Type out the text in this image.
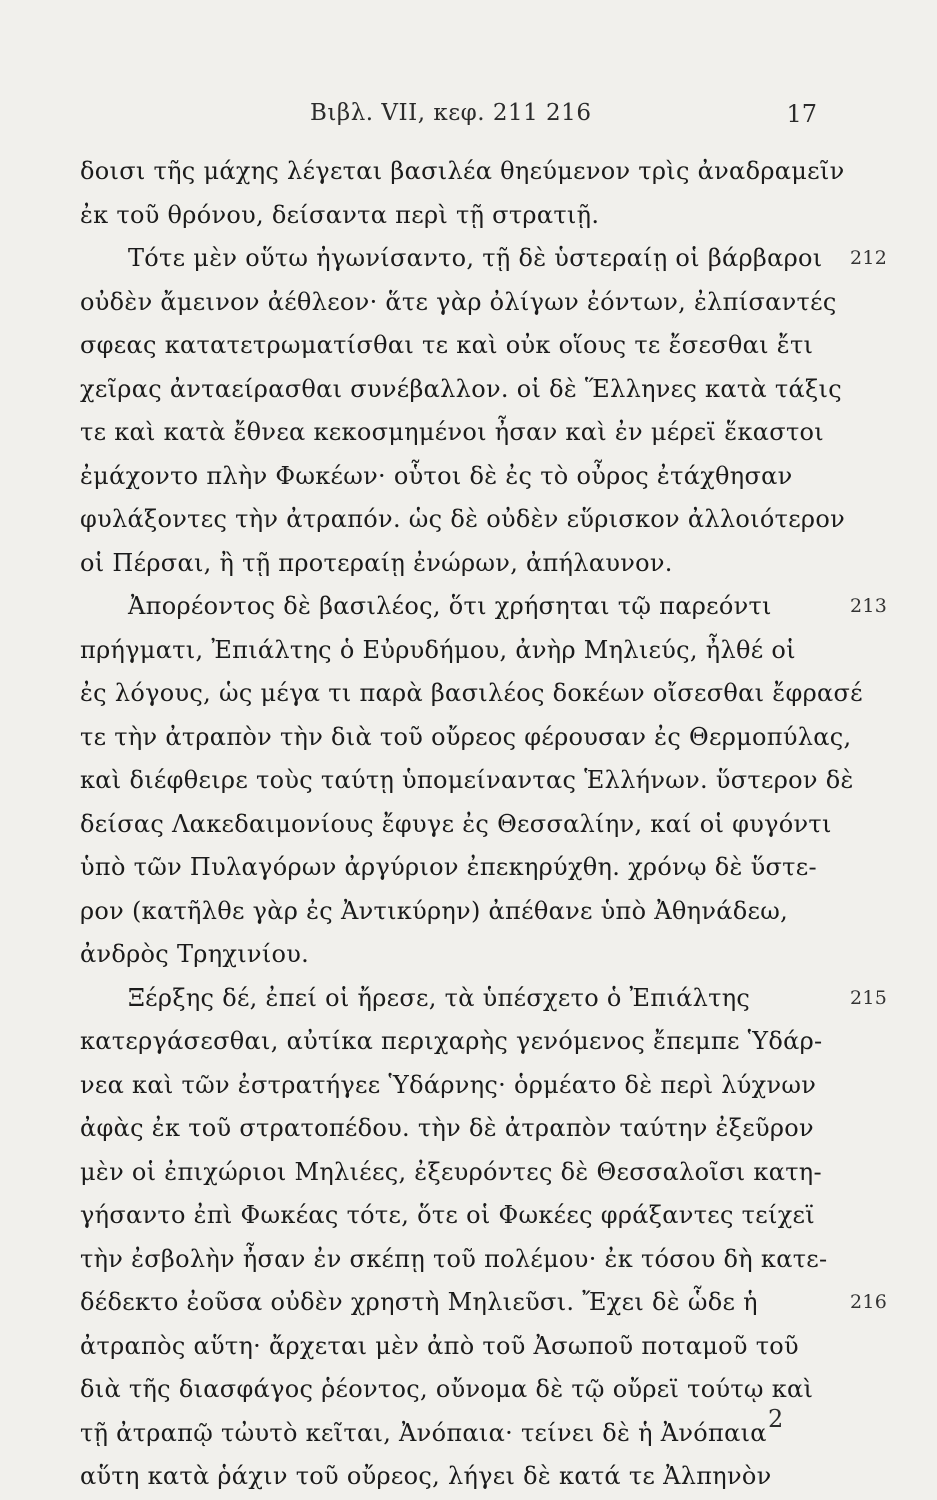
Βιβλ. VII, κεφ. 211 216	17
δοισι τῆς μάχης λέγεται βασιλέα θηεύμενον τρὶς ἀναδραμεῖν
ἐκ τοῦ θρόνου, δείσαντα περὶ τῇ στρατιῇ.
Τότε μὲν οὕτω ἠγωνίσαντο, τῇ δὲ ὑστεραίῃ οἱ βάρβαροι 212
οὐδὲν ἄμεινον ἀέθλεον· ἅτε γὰρ ὀλίγων ἐόντων, ἐλπίσαντές
σφεας κατατετρωματίσθαι τε καὶ οὐκ οἵους τε ἔσεσθαι ἔτι
χεῖρας ἀνταείρασθαι συνέβαλλον. οἱ δὲ Ἕλληνες κατὰ τάξις
τε καὶ κατὰ ἔθνεα κεκοσμημένοι ἦσαν καὶ ἐν μέρεϊ ἕκαστοι
ἐμάχοντο πλὴν Φωκέων· οὗτοι δὲ ἐς τὸ οὖρος ἐτάχθησαν
φυλάξοντες τὴν ἀτραπόν. ὡς δὲ οὐδὲν εὕρισκον ἀλλοιότερον
οἱ Πέρσαι, ἢ τῇ προτεραίῃ ἐνώρων, ἀπήλαυνον.
Ἀπορέοντος δὲ βασιλέος, ὅτι χρήσηται τῷ παρεόντι	213
πρήγματι, Ἐπιάλτης ὁ Εὐρυδήμου, ἀνὴρ Μηλιεύς, ἦλθέ οἱ
ἐς λόγους, ὡς μέγα τι παρὰ βασιλέος δοκέων οἴσεσθαι ἔφρασέ
τε τὴν ἀτραπὸν τὴν διὰ τοῦ οὔρεος φέρουσαν ἐς Θερμοπύλας,
καὶ διέφθειρε τοὺς ταύτῃ ὑπομείναντας Ἑλλήνων. ὕστερον δὲ
δείσας Λακεδαιμονίους ἔφυγε ἐς Θεσσαλίην, καί οἱ φυγόντι
ὑπὸ τῶν Πυλαγόρων ἀργύριον ἐπεκηρύχθη. χρόνῳ δὲ ὕστε-
ρον (κατῆλθε γὰρ ἐς Ἀντικύρην) ἀπέθανε ὑπὸ Ἀθηνάδεω,
ἀνδρὸς Τρηχινίου.
Ξέρξης δέ, ἐπεί οἱ ἤρεσε, τὰ ὑπέσχετο ὁ Ἐπιάλτης	215
κατεργάσεσθαι, αὐτίκα περιχαρὴς γενόμενος ἔπεμπε Ὑδάρ-
νεα καὶ τῶν ἐστρατήγεε Ὑδάρνης· ὁρμέατο δὲ περὶ λύχνων
ἀφὰς ἐκ τοῦ στρατοπέδου. τὴν δὲ ἀτραπὸν ταύτην ἐξεῦρον
μὲν οἱ ἐπιχώριοι Μηλιέες, ἐξευρόντες δὲ Θεσσαλοῖσι κατη-
γήσαντο ἐπὶ Φωκέας τότε, ὅτε οἱ Φωκέες φράξαντες τείχεϊ
τὴν ἐσβολὴν ἦσαν ἐν σκέπῃ τοῦ πολέμου· ἐκ τόσου δὴ κατε-
δέδεκτο ἐοῦσα οὐδὲν χρηστὴ Μηλιεῦσι. Ἔχει δὲ ὧδε ἡ	216
ἀτραπὸς αὕτη· ἄρχεται μὲν ἀπὸ τοῦ Ἀσωποῦ ποταμοῦ τοῦ
διὰ τῆς διασφάγος ῥέοντος, οὔνομα δὲ τῷ οὔρεϊ τούτῳ καὶ
τῇ ἀτραπῷ τὠυτὸ κεῖται, Ἀνόπαια· τείνει δὲ ἡ Ἀνόπαια
αὕτη κατὰ ῥάχιν τοῦ οὔρεος, λήγει δὲ κατά τε Ἀλπηνὸν
2
